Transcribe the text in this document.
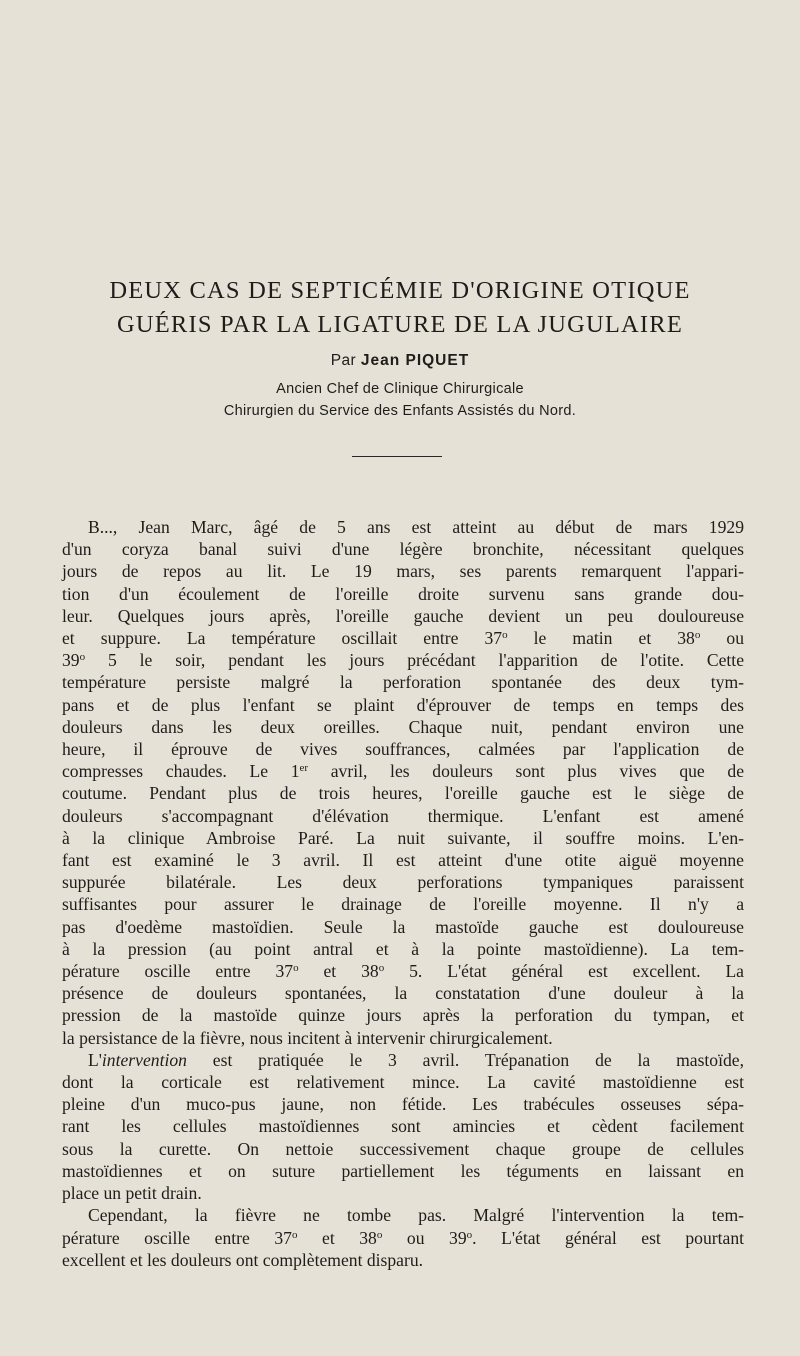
DEUX CAS DE SEPTICÉMIE D'ORIGINE OTIQUE
GUÉRIS PAR LA LIGATURE DE LA JUGULAIRE
Par Jean PIQUET
Ancien Chef de Clinique Chirurgicale
Chirurgien du Service des Enfants Assistés du Nord.

B..., Jean Marc, âgé de 5 ans est atteint au début de mars 1929

d'un coryza banal suivi d'une légère bronchite, nécessitant quelques

jours de repos au lit. Le 19 mars, ses parents remarquent l'appari-

tion d'un écoulement de l'oreille droite survenu sans grande dou-

leur. Quelques jours après, l'oreille gauche devient un peu douloureuse

et suppure. La température oscillait entre 37$^o$ le matin et 38$^o$ ou

39$^o$ 5 le soir, pendant les jours précédant l'apparition de l'otite. Cette

température persiste malgré la perforation spontanée des deux tym-

pans et de plus l'enfant se plaint d'éprouver de temps en temps des

douleurs dans les deux oreilles. Chaque nuit, pendant environ une

heure, il éprouve de vives souffrances, calmées par l'application de

compresses chaudes. Le 1er avril, les douleurs sont plus vives que de

coutume. Pendant plus de trois heures, l'oreille gauche est le siège de

douleurs s'accompagnant d'élévation thermique. L'enfant est amené

à la clinique Ambroise Paré. La nuit suivante, il souffre moins. L'en-

fant est examiné le 3 avril. Il est atteint d'une otite aiguë moyenne

suppurée bilatérale. Les deux perforations tympaniques paraissent

suffisantes pour assurer le drainage de l'oreille moyenne. Il n'y a

pas d'oedème mastoïdien. Seule la mastoïde gauche est douloureuse

à la pression (au point antral et à la pointe mastoïdienne). La tem-

pérature oscille entre 37$^o$ et 38$^o$ 5. L'état général est excellent. La

présence de douleurs spontanées, la constatation d'une douleur à la

pression de la mastoïde quinze jours après la perforation du tympan, et

la persistance de la fièvre, nous incitent à intervenir chirurgicalement.

L'intervention est pratiquée le 3 avril. Trépanation de la mastoïde,

dont la corticale est relativement mince. La cavité mastoïdienne est

pleine d'un muco-pus jaune, non fétide. Les trabécules osseuses sépa-

rant les cellules mastoïdiennes sont amincies et cèdent facilement

sous la curette. On nettoie successivement chaque groupe de cellules

mastoïdiennes et on suture partiellement les téguments en laissant en

place un petit drain.

Cependant, la fièvre ne tombe pas. Malgré l'intervention la tem-

pérature oscille entre 37$^o$ et 38$^o$ ou 39$^o$. L'état général est pourtant

excellent et les douleurs ont complètement disparu.
